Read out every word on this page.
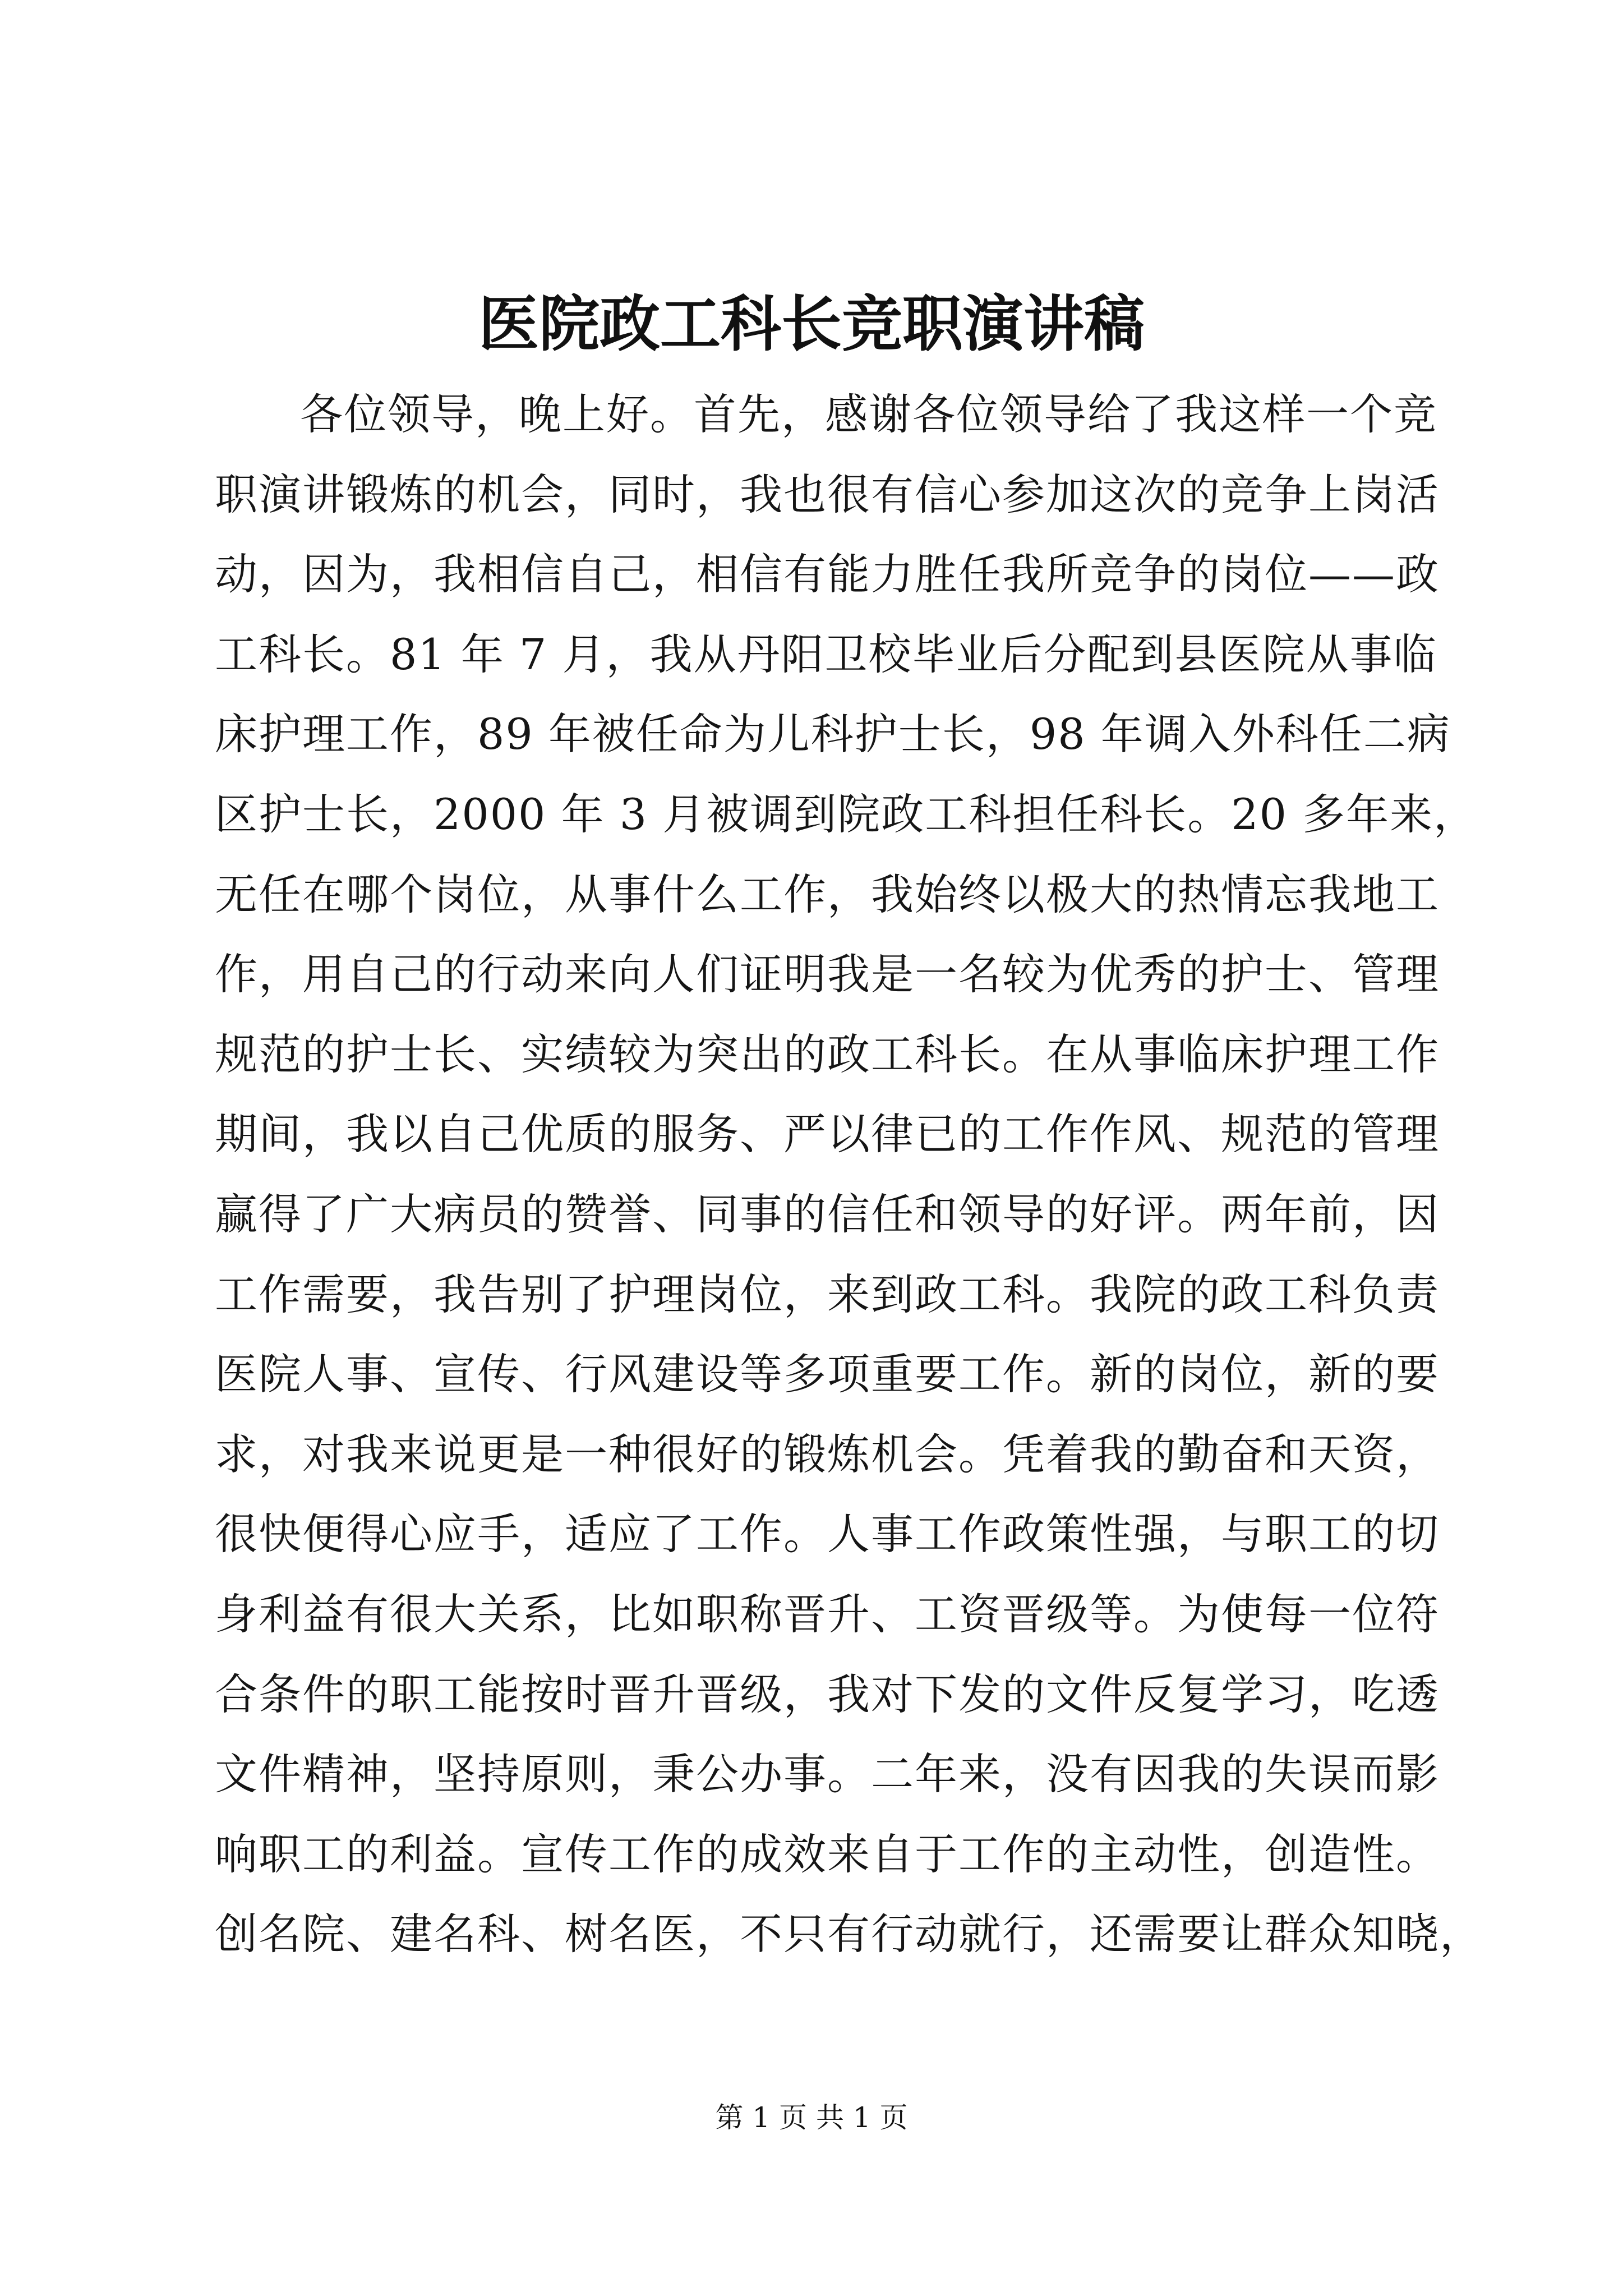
医院政工科长竞职演讲稿
各位领导，晚上好。首先，感谢各位领导给了我这样一个竞
职演讲锻炼的机会，同时，我也很有信心参加这次的竞争上岗活
动，因为，我相信自己，相信有能力胜任我所竞争的岗位——政
工科长。81 年 7 月，我从丹阳卫校毕业后分配到县医院从事临
床护理工作，89 年被任命为儿科护士长，98 年调入外科任二病
区护士长，2000 年 3 月被调到院政工科担任科长。20 多年来，
无任在哪个岗位，从事什么工作，我始终以极大的热情忘我地工
作，用自己的行动来向人们证明我是一名较为优秀的护士、管理
规范的护士长、实绩较为突出的政工科长。在从事临床护理工作
期间，我以自己优质的服务、严以律已的工作作风、规范的管理
赢得了广大病员的赞誉、同事的信任和领导的好评。两年前，因
工作需要，我告别了护理岗位，来到政工科。我院的政工科负责
医院人事、宣传、行风建设等多项重要工作。新的岗位，新的要
求，对我来说更是一种很好的锻炼机会。凭着我的勤奋和天资，
很快便得心应手，适应了工作。人事工作政策性强，与职工的切
身利益有很大关系，比如职称晋升、工资晋级等。为使每一位符
合条件的职工能按时晋升晋级，我对下发的文件反复学习，吃透
文件精神，坚持原则，秉公办事。二年来，没有因我的失误而影
响职工的利益。宣传工作的成效来自于工作的主动性，创造性。
创名院、建名科、树名医，不只有行动就行，还需要让群众知晓，
第 1 页 共 1 页
